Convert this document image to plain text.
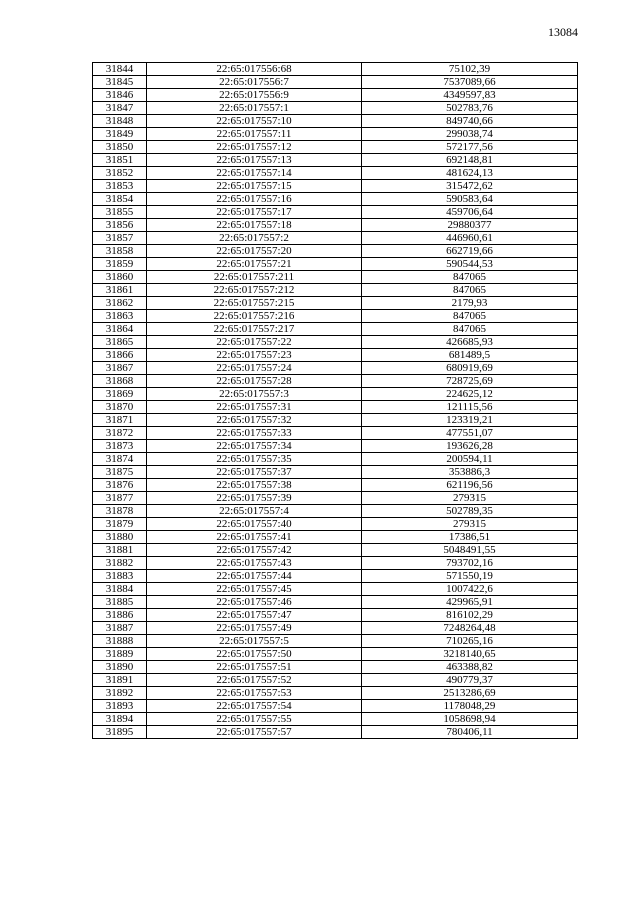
13084
31844	22:65:017556:68	75102,39
31845	22:65:017556:7	7537089,66
31846	22:65:017556:9	4349597,83
31847	22:65:017557:1	502783,76
31848	22:65:017557:10	849740,66
31849	22:65:017557:11	299038,74
31850	22:65:017557:12	572177,56
31851	22:65:017557:13	692148,81
31852	22:65:017557:14	481624,13
31853	22:65:017557:15	315472,62
31854	22:65:017557:16	590583,64
31855	22:65:017557:17	459706,64
31856	22:65:017557:18	29880377
31857	22:65:017557:2	446960,61
31858	22:65:017557:20	662719,66
31859	22:65:017557:21	590544,53
31860	22:65:017557:211	847065
31861	22:65:017557:212	847065
31862	22:65:017557:215	2179,93
31863	22:65:017557:216	847065
31864	22:65:017557:217	847065
31865	22:65:017557:22	426685,93
31866	22:65:017557:23	681489,5
31867	22:65:017557:24	680919,69
31868	22:65:017557:28	728725,69
31869	22:65:017557:3	224625,12
31870	22:65:017557:31	121115,56
31871	22:65:017557:32	123319,21
31872	22:65:017557:33	477551,07
31873	22:65:017557:34	193626,28
31874	22:65:017557:35	200594,11
31875	22:65:017557:37	353886,3
31876	22:65:017557:38	621196,56
31877	22:65:017557:39	279315
31878	22:65:017557:4	502789,35
31879	22:65:017557:40	279315
31880	22:65:017557:41	17386,51
31881	22:65:017557:42	5048491,55
31882	22:65:017557:43	793702,16
31883	22:65:017557:44	571550,19
31884	22:65:017557:45	1007422,6
31885	22:65:017557:46	429965,91
31886	22:65:017557:47	816102,29
31887	22:65:017557:49	7248264,48
31888	22:65:017557:5	710265,16
31889	22:65:017557:50	3218140,65
31890	22:65:017557:51	463388,82
31891	22:65:017557:52	490779,37
31892	22:65:017557:53	2513286,69
31893	22:65:017557:54	1178048,29
31894	22:65:017557:55	1058698,94
31895	22:65:017557:57	780406,11
